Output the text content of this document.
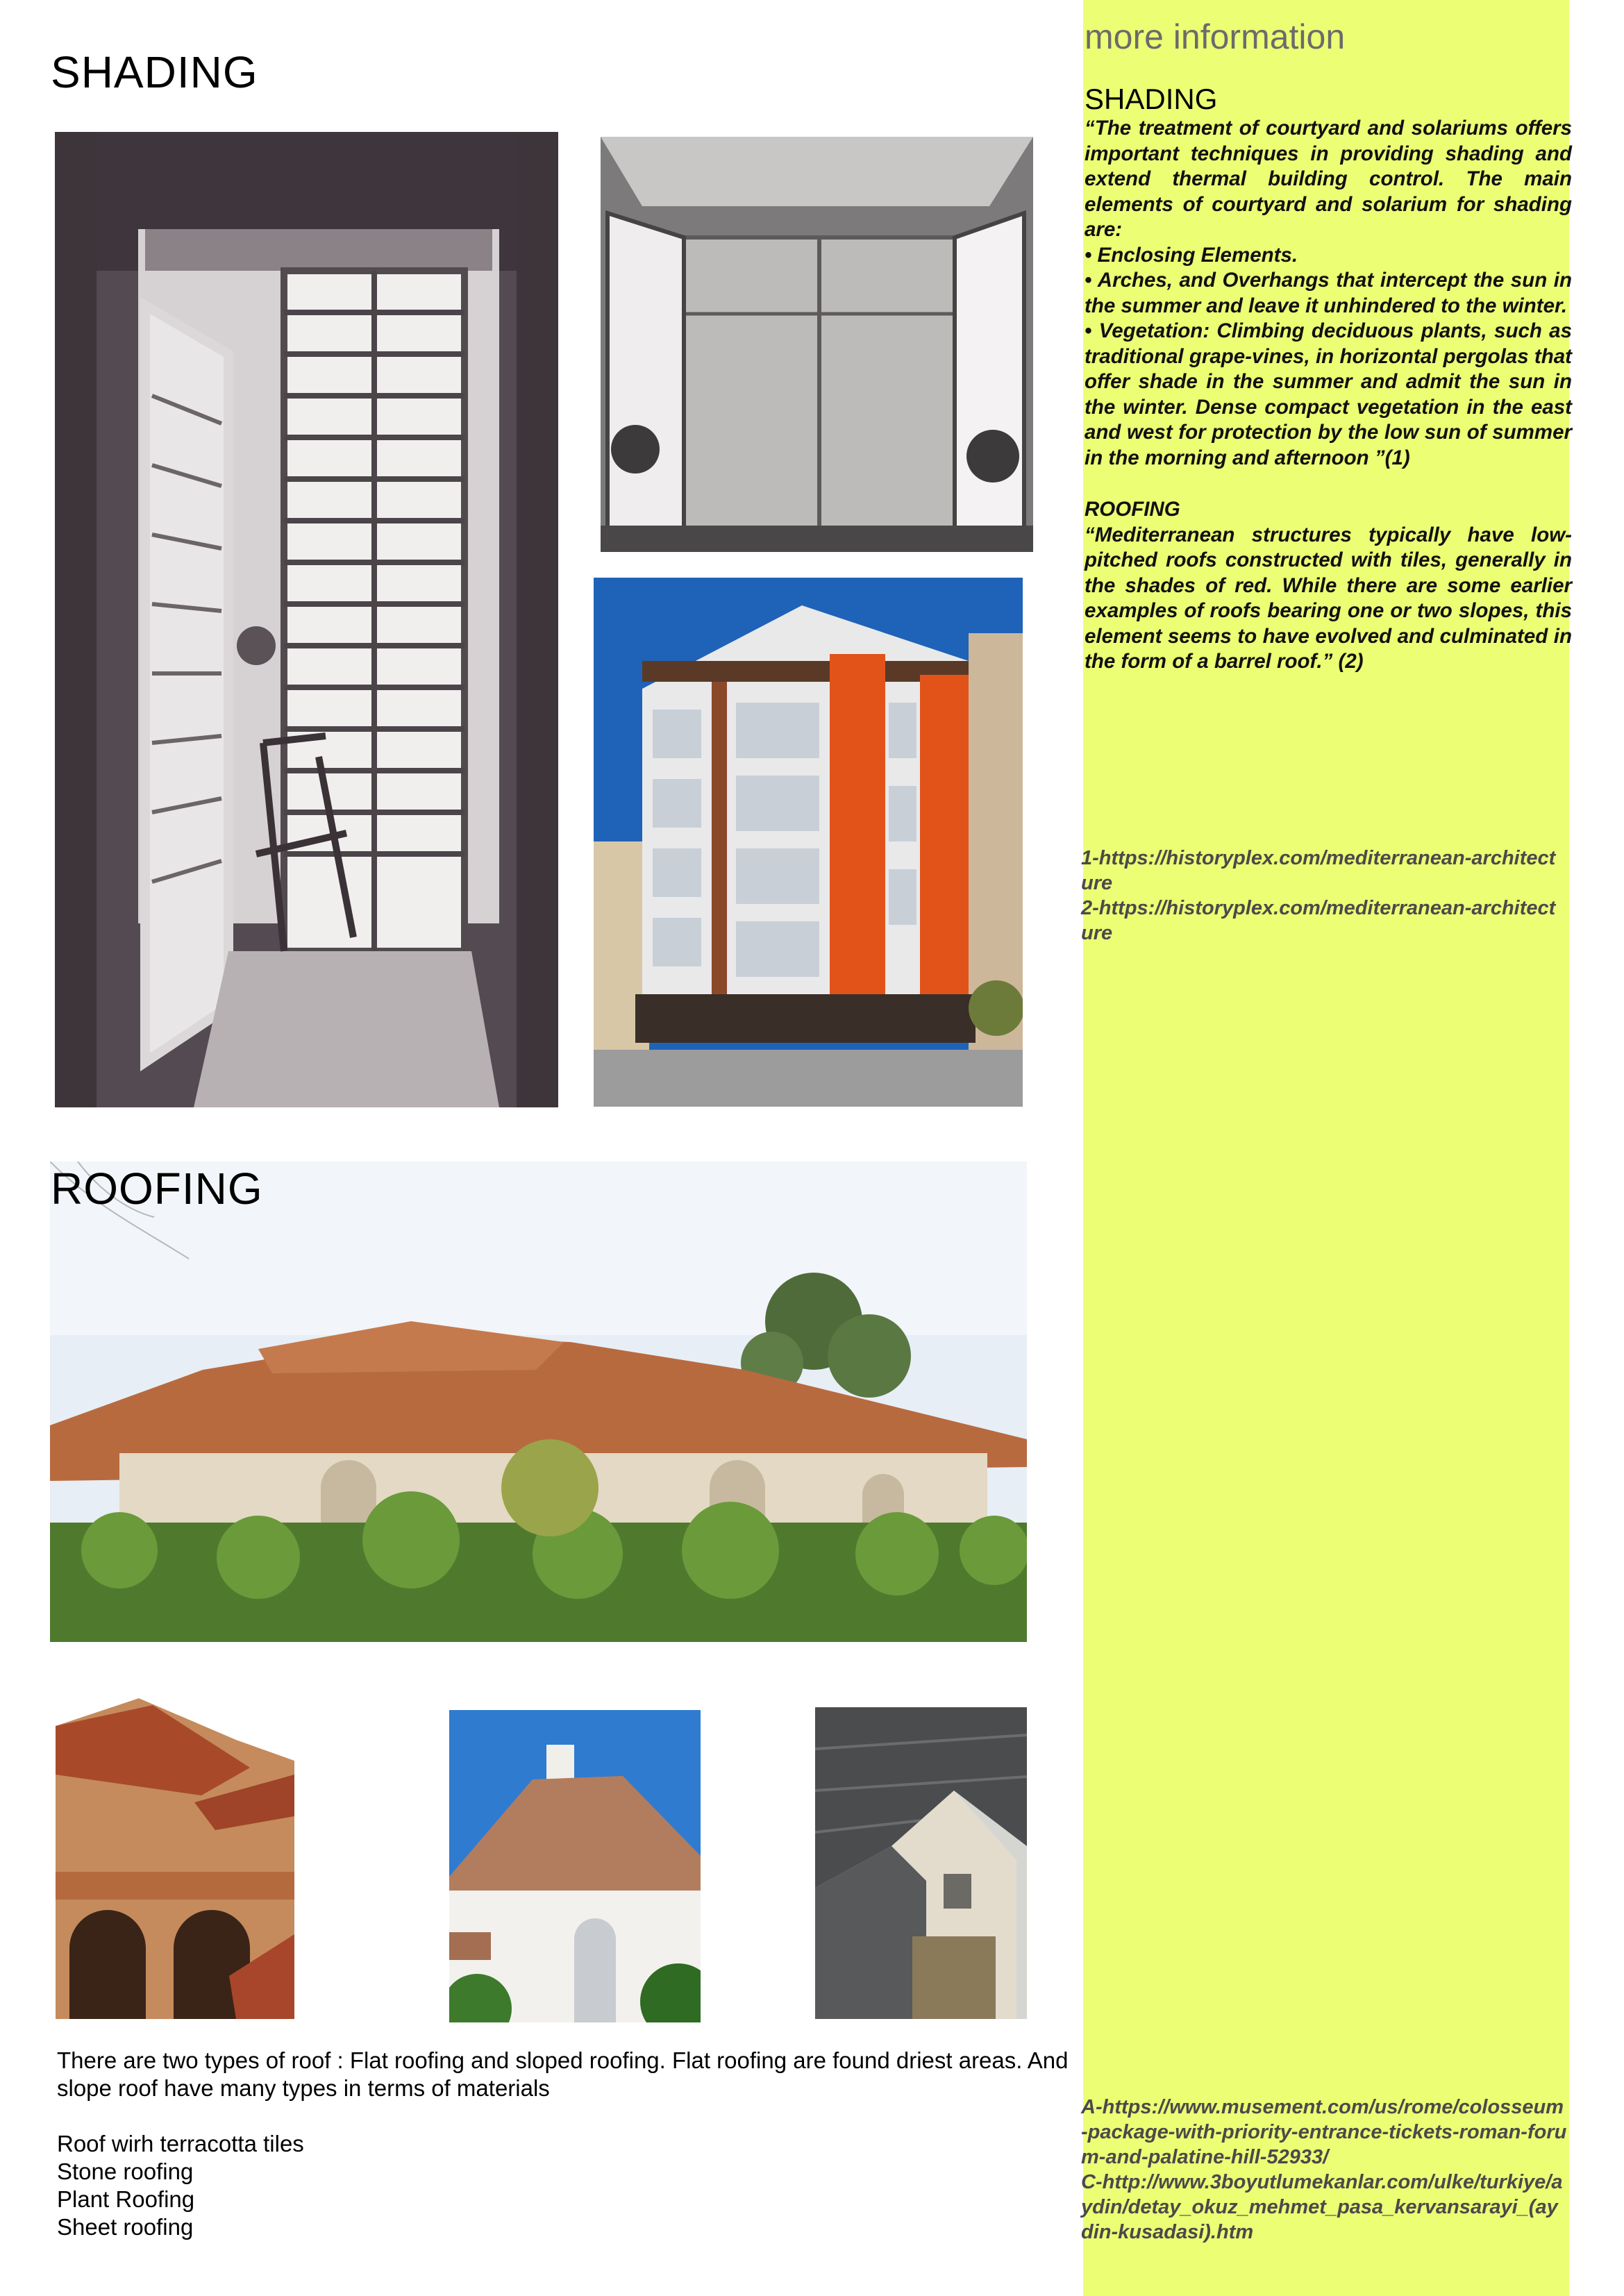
SHADING
ROOFING
There are two types of roof : Flat roofing and sloped roofing. Flat roofing are found driest areas. And slope roof have many types in terms of materials
Roof wirh terracotta tiles
Stone roofing
Plant Roofing
Sheet roofing
more information
SHADING

“The treatment of courtyard and solariums offers important techniques in providing shading and extend thermal building control. The main elements of courtyard and solarium for shading are:

• Enclosing Elements.

• Arches, and Overhangs that intercept the sun in the summer and leave it unhindered to the winter.

• Vegetation: Climbing deciduous plants, such as traditional grape-vines, in horizontal pergolas that offer shade in the summer and admit the sun in the winter. Dense compact vegetation in the east and west for protection by the low sun of summer in the morning and afternoon ”(1)

ROOFING

“Mediterranean structures typically have low-pitched roofs constructed with tiles, generally in the shades of red. While there are some earlier examples of roofs bearing one or two slopes, this element seems to have evolved and culminated in the form of a barrel roof.” (2)

1-https://historyplex.com/mediterranean-architecture
2-https://historyplex.com/mediterranean-architecture
A-https://www.musement.com/us/rome/colosseum-package-with-priority-entrance-tickets-roman-forum-and-palatine-hill-52933/
C-http://www.3boyutlumekanlar.com/ulke/turkiye/aydin/detay_okuz_mehmet_pasa_kervansarayi_(aydin-kusadasi).htm
